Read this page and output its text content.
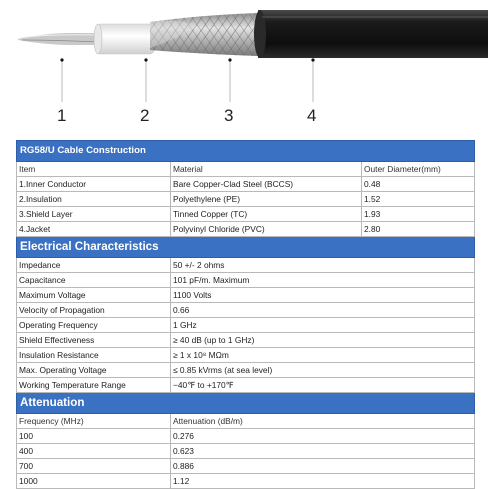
1	2	3	4
RG58/U Cable Construction		
Item	Material	Outer Diameter(mm)
1.Inner Conductor	Bare Copper-Clad Steel (BCCS)	0.48
2.Insulation	Polyethylene (PE)	1.52
3.Shield Layer	Tinned Copper (TC)	1.93
4.Jacket	Polyvinyl Chloride (PVC)	2.80
Electrical Characteristics		
Impedance	50 +/- 2 ohms	
Capacitance	101 pF/m. Maximum	
Maximum Voltage	1100 Volts	
Velocity of Propagation	0.66	
Operating Frequency	1 GHz	
Shield Effectiveness	≥ 40 dB (up to 1 GHz)	
Insulation Resistance	≥ 1 x 10⁸ MΩm	
Max. Operating Voltage	≤ 0.85 kVrms (at sea level)	
Working Temperature Range	−40℉ to +170℉	
Attenuation		
Frequency (MHz)	Attenuation (dB/m)	
100	0.276	
400	0.623	
700	0.886	
1000	1.12	
